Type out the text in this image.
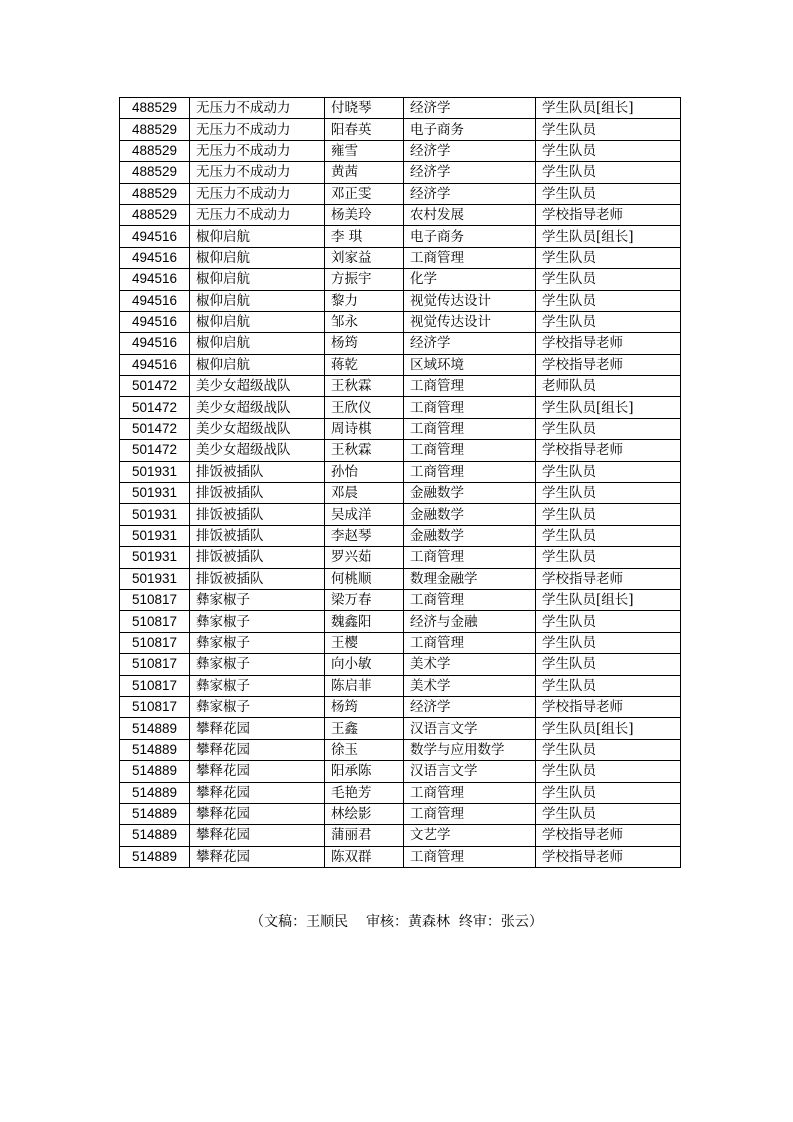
488529	无压力不成动力	付晓琴	经济学	学生队员[组长]
488529	无压力不成动力	阳春英	电子商务	学生队员
488529	无压力不成动力	雍雪	经济学	学生队员
488529	无压力不成动力	黄茜	经济学	学生队员
488529	无压力不成动力	邓正雯	经济学	学生队员
488529	无压力不成动力	杨美玲	农村发展	学校指导老师
494516	椒仰启航	李 琪	电子商务	学生队员[组长]
494516	椒仰启航	刘家益	工商管理	学生队员
494516	椒仰启航	方振宇	化学	学生队员
494516	椒仰启航	黎力	视觉传达设计	学生队员
494516	椒仰启航	邹永	视觉传达设计	学生队员
494516	椒仰启航	杨筠	经济学	学校指导老师
494516	椒仰启航	蒋乾	区域环境	学校指导老师
501472	美少女超级战队	王秋霖	工商管理	老师队员
501472	美少女超级战队	王欣仪	工商管理	学生队员[组长]
501472	美少女超级战队	周诗棋	工商管理	学生队员
501472	美少女超级战队	王秋霖	工商管理	学校指导老师
501931	排饭被插队	孙怡	工商管理	学生队员
501931	排饭被插队	邓晨	金融数学	学生队员
501931	排饭被插队	吴成洋	金融数学	学生队员
501931	排饭被插队	李赵琴	金融数学	学生队员
501931	排饭被插队	罗兴茹	工商管理	学生队员
501931	排饭被插队	何桃顺	数理金融学	学校指导老师
510817	彝家椒子	梁万春	工商管理	学生队员[组长]
510817	彝家椒子	魏鑫阳	经济与金融	学生队员
510817	彝家椒子	王樱	工商管理	学生队员
510817	彝家椒子	向小敏	美术学	学生队员
510817	彝家椒子	陈启菲	美术学	学生队员
510817	彝家椒子	杨筠	经济学	学校指导老师
514889	攀释花园	王鑫	汉语言文学	学生队员[组长]
514889	攀释花园	徐玉	数学与应用数学	学生队员
514889	攀释花园	阳承陈	汉语言文学	学生队员
514889	攀释花园	毛艳芳	工商管理	学生队员
514889	攀释花园	林绘影	工商管理	学生队员
514889	攀释花园	蒲丽君	文艺学	学校指导老师
514889	攀释花园	陈双群	工商管理	学校指导老师
（文稿：王顺民    审核：黄森林  终审：张云）
